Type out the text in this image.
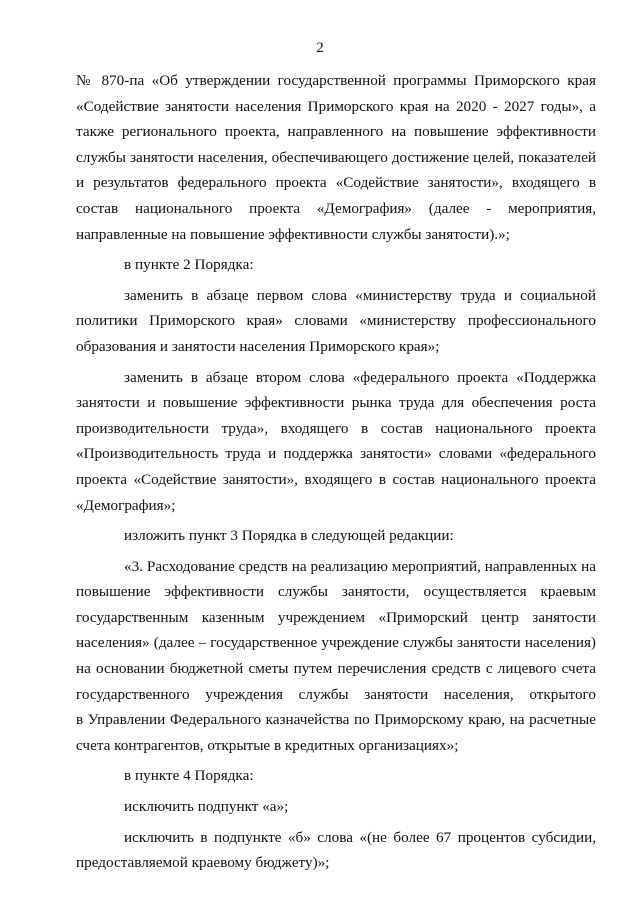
2
№ 870-па «Об утверждении государственной программы Приморского края
«Содействие занятости населения Приморского края на 2020 - 2027 годы», а
также регионального проекта, направленного на повышение эффективности
службы занятости населения, обеспечивающего достижение целей, показателей
и результатов федерального проекта «Содействие занятости», входящего в
состав национального проекта «Демография» (далее - мероприятия,
направленные на повышение эффективности службы занятости).»;
в пункте 2 Порядка:
заменить в абзаце первом слова «министерству труда и социальной
политики Приморского края» словами «министерству профессионального
образования и занятости населения Приморского края»;
заменить в абзаце втором слова «федерального проекта «Поддержка
занятости и повышение эффективности рынка труда для обеспечения роста
производительности труда», входящего в состав национального проекта
«Производительность труда и поддержка занятости» словами «федерального
проекта «Содействие занятости», входящего в состав национального проекта
«Демография»;
изложить пункт 3 Порядка в следующей редакции:
«3. Расходование средств на реализацию мероприятий, направленных на
повышение эффективности службы занятости, осуществляется краевым
государственным казенным учреждением «Приморский центр занятости
населения» (далее – государственное учреждение службы занятости населения)
на основании бюджетной сметы путем перечисления средств с лицевого счета
государственного учреждения службы занятости населения, открытого
в Управлении Федерального казначейства по Приморскому краю, на расчетные
счета контрагентов, открытые в кредитных организациях»;
в пункте 4 Порядка:
исключить подпункт «а»;
исключить в подпункте «б» слова «(не более 67 процентов субсидии,
предоставляемой краевому бюджету)»;
